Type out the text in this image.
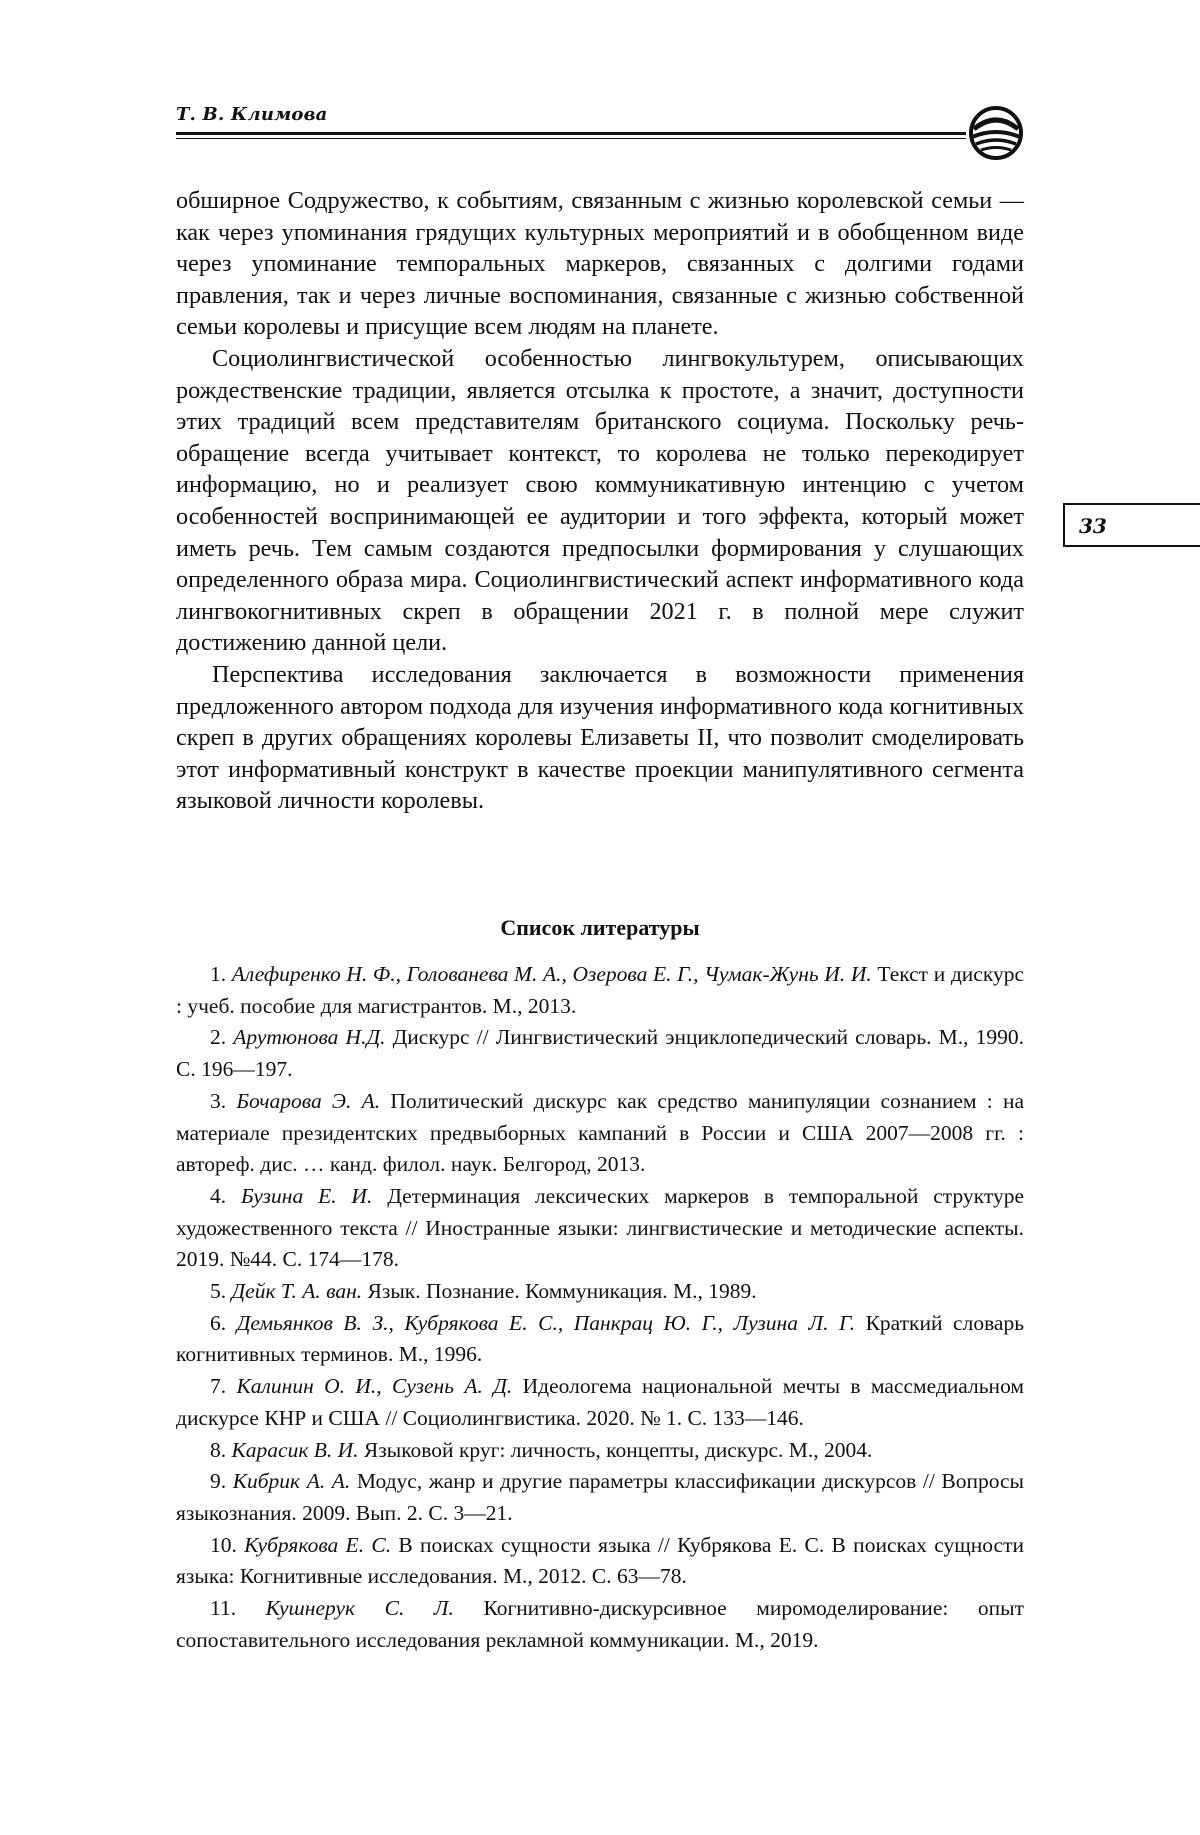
Т. В. Климова
33

обширное Содружество, к событиям, связанным с жизнью королевской семьи — как через упоминания грядущих культурных мероприятий и в обобщенном виде через упоминание темпоральных маркеров, связанных с долгими годами правления, так и через личные воспоминания, связанные с жизнью собственной семьи королевы и присущие всем людям на планете.

Социолингвистической особенностью лингвокультурем, описывающих рождественские традиции, является отсылка к простоте, а значит, доступности этих традиций всем представителям британского социума. Поскольку речь-обращение всегда учитывает контекст, то королева не только перекодирует информацию, но и реализует свою коммуникативную интенцию с учетом особенностей воспринимающей ее аудитории и того эффекта, который может иметь речь. Тем самым создаются предпосылки формирования у слушающих определенного образа мира. Социолингвистический аспект информативного кода лингвокогнитивных скреп в обращении 2021 г. в полной мере служит достижению данной цели.

Перспектива исследования заключается в возможности применения предложенного автором подхода для изучения информативного кода когнитивных скреп в других обращениях королевы Елизаветы II, что позволит смоделировать этот информативный конструкт в качестве проекции манипулятивного сегмента языковой личности королевы.

Список литературы

1. Алефиренко Н. Ф., Голованева М. А., Озерова Е. Г., Чумак-Жунь И. И. Текст и дискурс : учеб. пособие для магистрантов. М., 2013.

2. Арутюнова Н.Д. Дискурс // Лингвистический энциклопедический словарь. М., 1990. С. 196—197.

3. Бочарова Э. А. Политический дискурс как средство манипуляции сознанием : на материале президентских предвыборных кампаний в России и США 2007—2008 гг. : автореф. дис. … канд. филол. наук. Белгород, 2013.

4. Бузина Е. И. Детерминация лексических маркеров в темпоральной структуре художественного текста // Иностранные языки: лингвистические и методические аспекты. 2019. №44. С. 174—178.

5. Дейк Т. А. ван. Язык. Познание. Коммуникация. М., 1989.

6. Демьянков В. З., Кубрякова Е. С., Панкрац Ю. Г., Лузина Л. Г. Краткий словарь когнитивных терминов. М., 1996.

7. Калинин О. И., Сузень А. Д. Идеологема национальной мечты в массмедиальном дискурсе КНР и США // Социолингвистика. 2020. № 1. С. 133—146.

8. Карасик В. И. Языковой круг: личность, концепты, дискурс. М., 2004.

9. Кибрик А. А. Модус, жанр и другие параметры классификации дискурсов // Вопросы языкознания. 2009. Вып. 2. С. 3—21.

10. Кубрякова Е. С. В поисках сущности языка // Кубрякова Е. С. В поисках сущности языка: Когнитивные исследования. М., 2012. С. 63—78.

11. Кушнерук С. Л. Когнитивно-дискурсивное миромоделирование: опыт сопоставительного исследования рекламной коммуникации. М., 2019.
